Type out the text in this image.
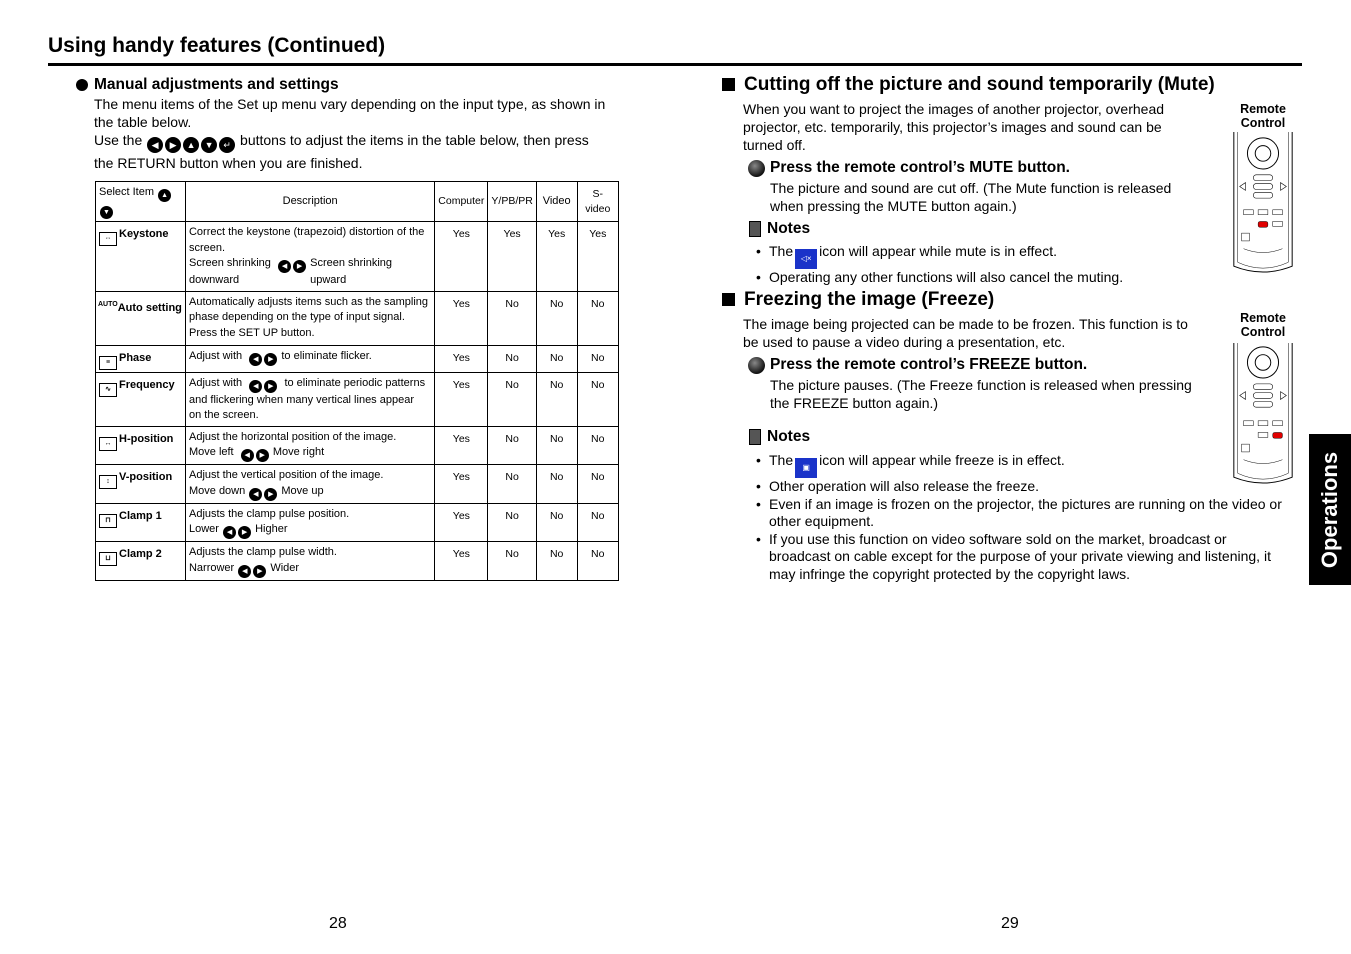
Using handy features (Continued)
Manual adjustments and settings
The menu items of the Set up menu vary depending on the input type, as shown in
the table below.
Use the ◀ ▶ ▲ ▼ ↵ buttons to adjust the items in the table below, then press
the RETURN button when you are finished.
Select Item ▲▼	Description	Computer	Y/PB/PR	Video	S-video
⇔ Keystone	Correct the keystone (trapezoid) distortion of the
screen.
Screen shrinking ◀ ▶ Screen shrinking
downward upward	Yes	Yes	Yes	Yes
$^{AUTO}$Auto setting	Automatically adjusts items such as the sampling
phase depending on the type of input signal.
Press the SET UP button.	Yes	No	No	No
≡ Phase	Adjust with ◀ ▶ to eliminate flicker.	Yes	No	No	No
∿ Frequency	Adjust with ◀ ▶ to eliminate periodic patterns
and flickering when many vertical lines appear
on the screen.	Yes	No	No	No
↔ H-position	Adjust the horizontal position of the image.
Move left ◀ ▶ Move right	Yes	No	No	No
↕ V-position	Adjust the vertical position of the image.
Move down ◀ ▶ Move up	Yes	No	No	No
⊓ Clamp 1	Adjusts the clamp pulse position.
Lower ◀ ▶ Higher	Yes	No	No	No
⊔ Clamp 2	Adjusts the clamp pulse width.
Narrower ◀ ▶ Wider	Yes	No	No	No
Cutting off the picture and sound temporarily (Mute)
When you want to project the images of another projector, overhead
projector, etc. temporarily, this projector’s images and sound can be
turned off.
Press the remote control’s MUTE button.
The picture and sound are cut off. (The Mute function is released
when pressing the MUTE button again.)
Notes
• The ◁× icon will appear while mute is in effect.
• Operating any other functions will also cancel the muting.
Remote
Control
Freezing the image (Freeze)
The image being projected can be made to be frozen. This function is to
be used to pause a video during a presentation, etc.
Press the remote control’s FREEZE button.
The picture pauses. (The Freeze function is released when pressing
the FREEZE button again.)
Notes
• The ▣ icon will appear while freeze is in effect.
• Other operation will also release the freeze.
• Even if an image is frozen on the projector, the pictures are running on the video or
other equipment.
• If you use this function on video software sold on the market, broadcast or
broadcast on cable except for the purpose of your private viewing and listening, it
may infringe the copyright protected by the copyright laws.
Remote
Control
Operations
28	29
